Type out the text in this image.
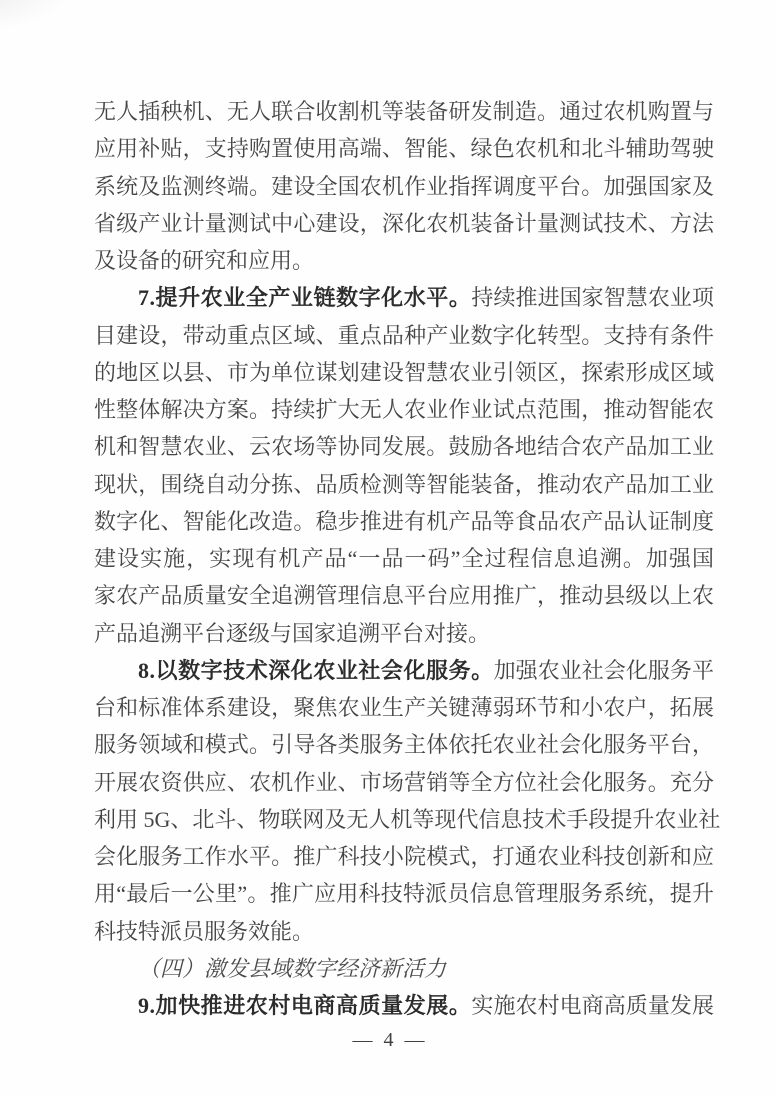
无人插秧机、无人联合收割机等装备研发制造。通过农机购置与
应用补贴，支持购置使用高端、智能、绿色农机和北斗辅助驾驶
系统及监测终端。建设全国农机作业指挥调度平台。加强国家及
省级产业计量测试中心建设，深化农机装备计量测试技术、方法
及设备的研究和应用。
7.提升农业全产业链数字化水平。持续推进国家智慧农业项
目建设，带动重点区域、重点品种产业数字化转型。支持有条件
的地区以县、市为单位谋划建设智慧农业引领区，探索形成区域
性整体解决方案。持续扩大无人农业作业试点范围，推动智能农
机和智慧农业、云农场等协同发展。鼓励各地结合农产品加工业
现状，围绕自动分拣、品质检测等智能装备，推动农产品加工业
数字化、智能化改造。稳步推进有机产品等食品农产品认证制度
建设实施，实现有机产品“一品一码”全过程信息追溯。加强国
家农产品质量安全追溯管理信息平台应用推广，推动县级以上农
产品追溯平台逐级与国家追溯平台对接。
8.以数字技术深化农业社会化服务。加强农业社会化服务平
台和标准体系建设，聚焦农业生产关键薄弱环节和小农户，拓展
服务领域和模式。引导各类服务主体依托农业社会化服务平台，
开展农资供应、农机作业、市场营销等全方位社会化服务。充分
利用 5G、北斗、物联网及无人机等现代信息技术手段提升农业社
会化服务工作水平。推广科技小院模式，打通农业科技创新和应
用“最后一公里”。推广应用科技特派员信息管理服务系统，提升
科技特派员服务效能。
（四）激发县域数字经济新活力
9.加快推进农村电商高质量发展。实施农村电商高质量发展
— 4 —
